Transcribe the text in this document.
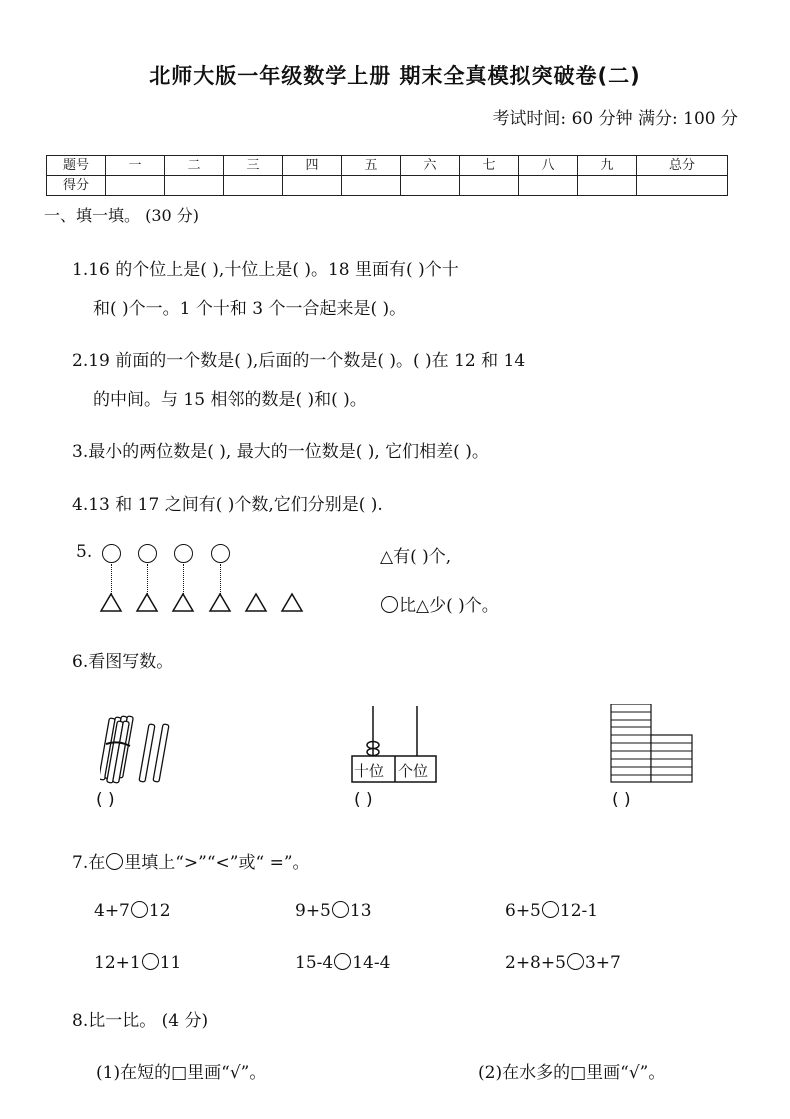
北师大版一年级数学上册 期末全真模拟突破卷(二)
考试时间: 60 分钟 满分: 100 分
题号	一	二	三	四	五	六	七	八	九	总分
得分										
一、填一填。 (30 分)
1.16 的个位上是( ),十位上是( )。18 里面有( )个十
和( )个一。1 个十和 3 个一合起来是( )。
2.19 前面的一个数是( ),后面的一个数是( )。( )在 12 和 14
的中间。与 15 相邻的数是( )和( )。
3.最小的两位数是( ), 最大的一位数是( ), 它们相差( )。
4.13 和 17 之间有( )个数,它们分别是( ).
5.	△有( )个,
比△少( )个。
6.看图写数。
十位 个位
( )	( )	( )
7.在 里填上“>”“<”或“ =”。
4+7 12	9+5 13	6+5 12-1
12+1 11	15-4 14-4	2+8+5 3+7
8.比一比。 (4 分)
(1)在短的□里画“√”。	(2)在水多的□里画“√”。
